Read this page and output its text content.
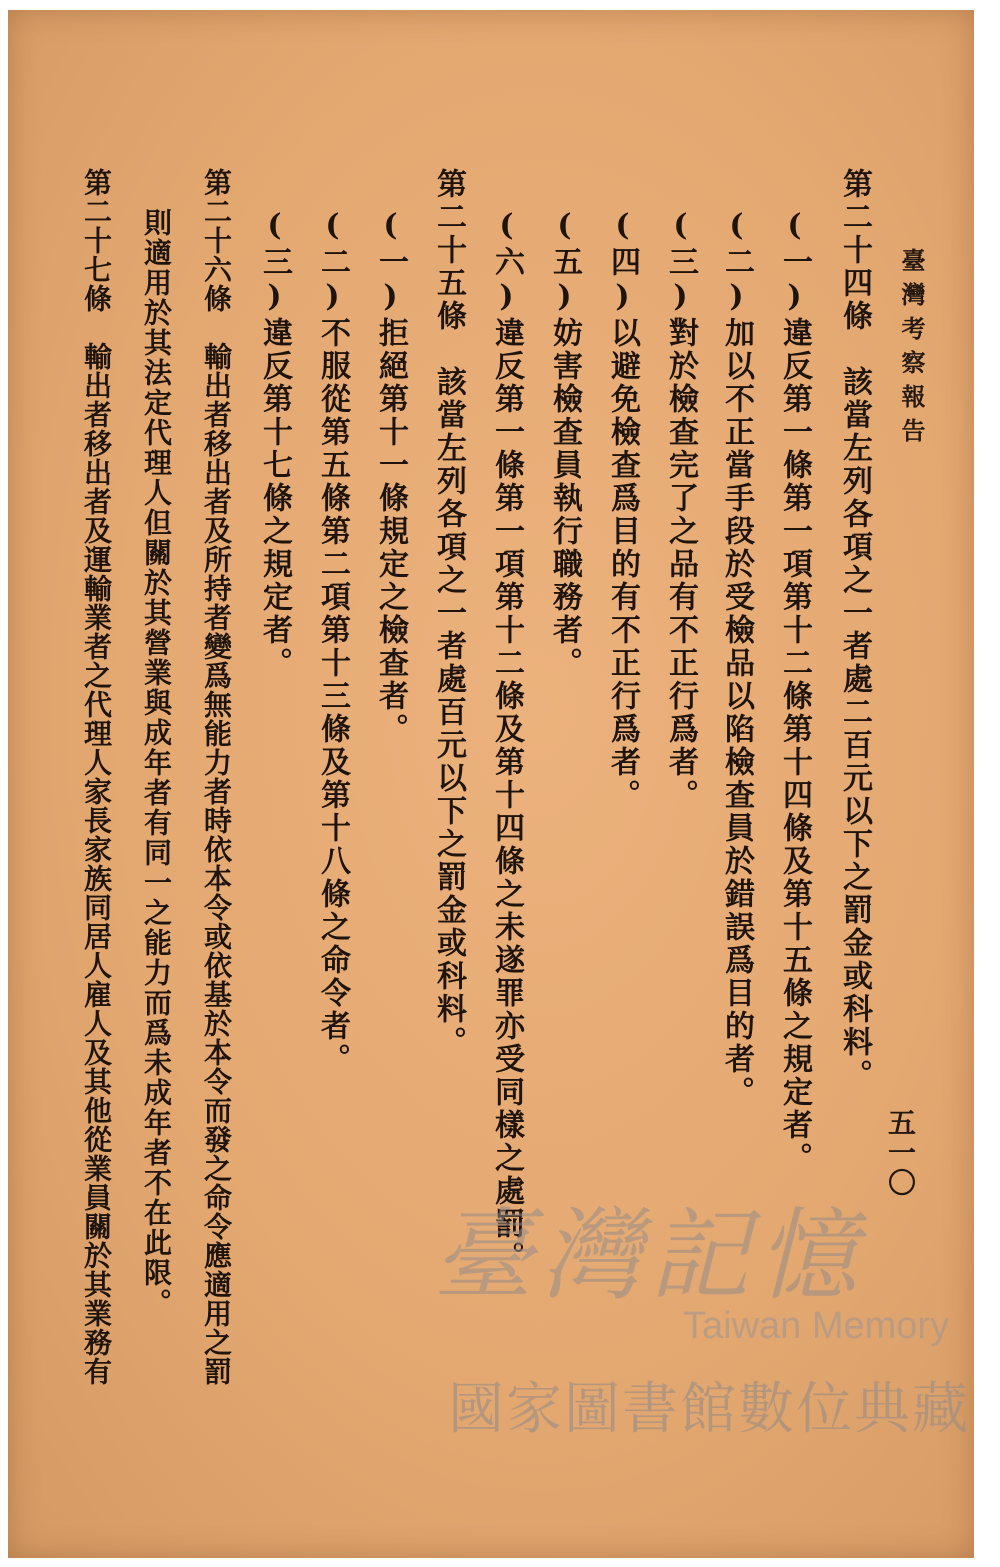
臺灣考察報告
五一〇
第二十四條　該當左列各項之一者處二百元以下之罰金或科料。
(一)違反第一條第一項第十二條第十四條及第十五條之規定者。
(二)加以不正當手段於受檢品以陷檢查員於錯誤爲目的者。
(三)對於檢查完了之品有不正行爲者。
(四)以避免檢查爲目的有不正行爲者。
(五)妨害檢查員執行職務者。
(六)違反第一條第一項第十二條及第十四條之未遂罪亦受同樣之處罰。
第二十五條　該當左列各項之一者處百元以下之罰金或科料。
(一)拒絕第十一條規定之檢查者。
(二)不服從第五條第二項第十三條及第十八條之命令者。
(三)違反第十七條之規定者。
第二十六條　輸出者移出者及所持者變爲無能力者時依本令或依基於本令而發之命令應適用之罰
則適用於其法定代理人但關於其營業與成年者有同一之能力而爲未成年者不在此限。
第二十七條　輸出者移出者及運輸業者之代理人家長家族同居人雇人及其他從業員關於其業務有	臺灣記憶
Taiwan Memory
國家圖書館數位典藏
